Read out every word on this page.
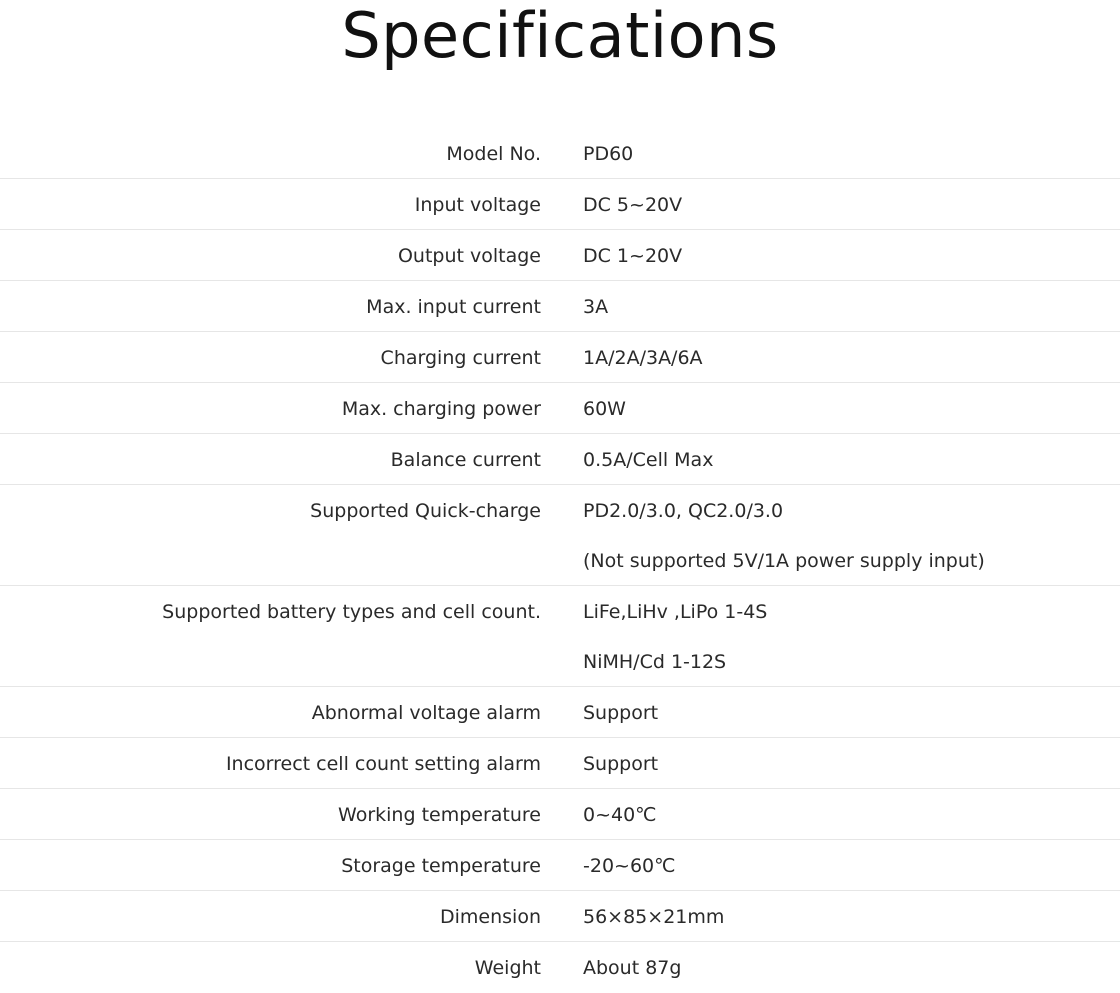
Specifications
Model No. PD60
Input voltage DC 5~20V
Output voltage DC 1~20V
Max. input current 3A
Charging current 1A/2A/3A/6A
Max. charging power 60W
Balance current 0.5A/Cell Max
Supported Quick-charge PD2.0/3.0, QC2.0/3.0
(Not supported 5V/1A power supply input)
Supported battery types and cell count. LiFe,LiHv ,LiPo 1-4S
NiMH/Cd 1-12S
Abnormal voltage alarm Support
Incorrect cell count setting alarm Support
Working temperature 0~40℃
Storage temperature -20~60℃
Dimension 56×85×21mm
Weight About 87g
